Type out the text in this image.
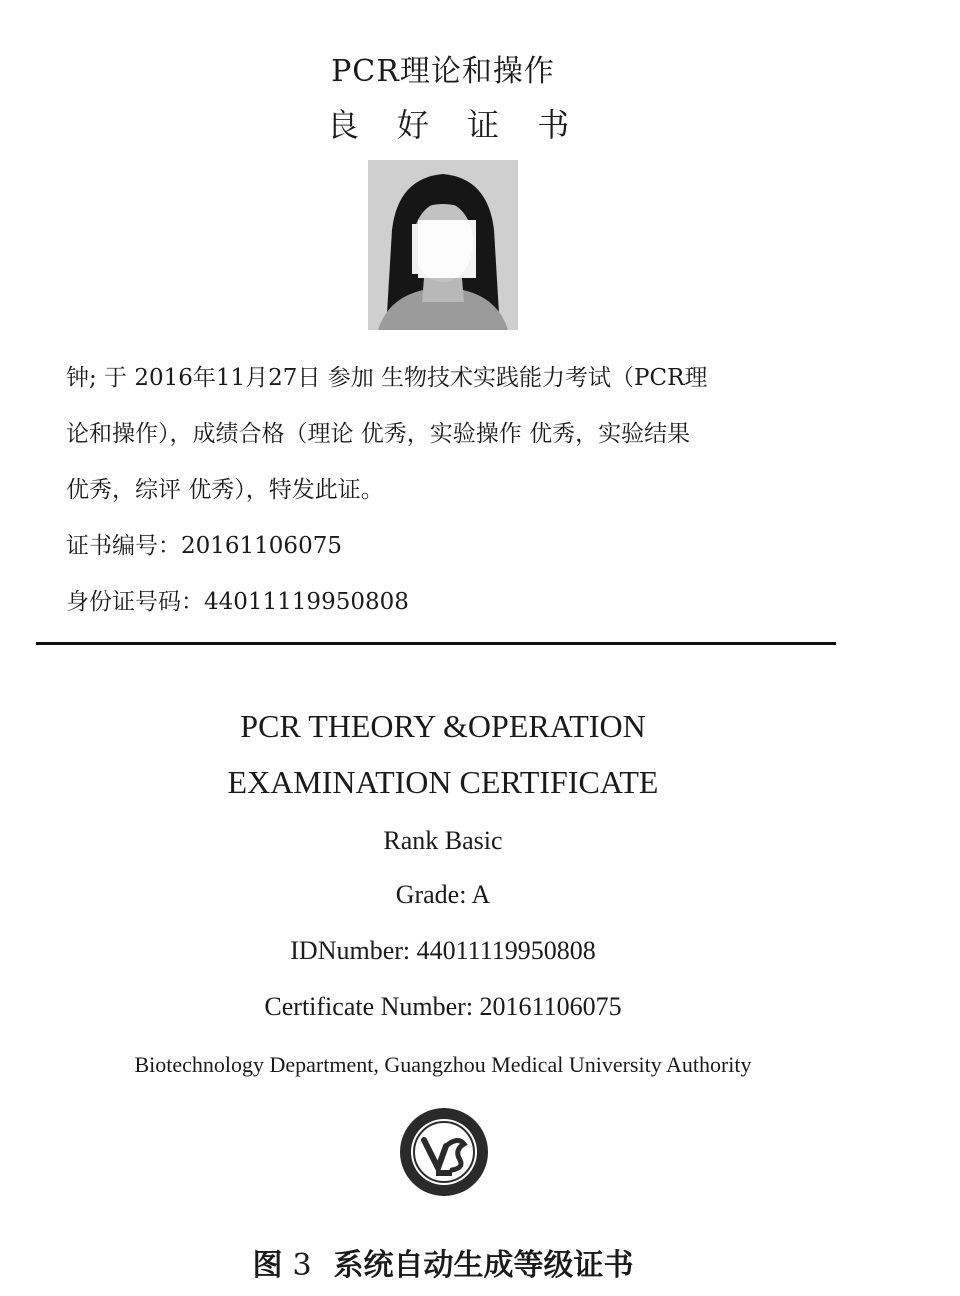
PCR理论和操作
良 好 证 书
钟; 于 2016年11月27日 参加 生物技术实践能力考试（PCR理
论和操作），成绩合格（理论 优秀，实验操作 优秀，实验结果
优秀，综评 优秀），特发此证。
证书编号：20161106075
身份证号码：44011119950808
PCR THEORY &OPERATION
EXAMINATION CERTIFICATE
Rank Basic
Grade: A
IDNumber: 44011119950808
Certificate Number: 20161106075
Biotechnology Department, Guangzhou Medical University Authority
图 3 系统自动生成等级证书
